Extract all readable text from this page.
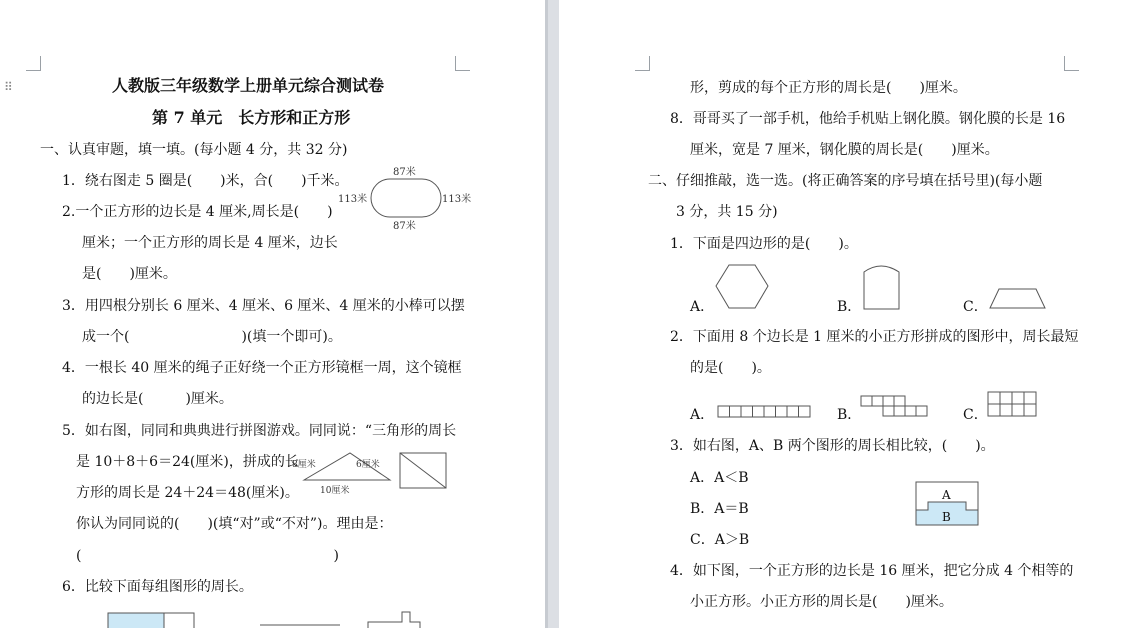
⠿	人教版三年级数学上册单元综合测试卷
第 7 单元　长方形和正方形
一、认真审题，填一填。(每小题 4 分，共 32 分)
1．绕右图走 5 圈是(　　)米，合(　　)千米。
87米
87米
113米	113米
2.一个正方形的边长是 4 厘米,周长是(　　)
厘米；一个正方形的周长是 4 厘米，边长
是(　　)厘米。
3．用四根分别长 6 厘米、4 厘米、6 厘米、4 厘米的小棒可以摆
成一个(　　　　　　　　)(填一个即可)。
4．一根长 40 厘米的绳子正好绕一个正方形镜框一周，这个镜框
的边长是(　　　)厘米。
5．如右图，同同和典典进行拼图游戏。同同说：“三角形的周长
是 10＋8＋6＝24(厘米)，拼成的长
方形的周长是 24＋24＝48(厘米)。
8厘米	6厘米
10厘米
你认为同同说的(　　)(填“对”或“不对”)。理由是：
(　　　　　　　　　　　　　　　　　　)
6．比较下面每组图形的周长。
形，剪成的每个正方形的周长是(　　)厘米。
8．哥哥买了一部手机，他给手机贴上钢化膜。钢化膜的长是 16
厘米，宽是 7 厘米，钢化膜的周长是(　　)厘米。
二、仔细推敲，选一选。(将正确答案的序号填在括号里)(每小题
3 分，共 15 分)
1．下面是四边形的是(　　)。
A．	B．	C．
2．下面用 8 个边长是 1 厘米的小正方形拼成的图形中，周长最短
的是(　　)。
A．	B．	C．
3．如右图，A、B 两个图形的周长相比较，(　　)。
A．A＜B
B．A＝B
C．A＞B
A
B
4．如下图，一个正方形的边长是 16 厘米，把它分成 4 个相等的
小正方形。小正方形的周长是(　　)厘米。
